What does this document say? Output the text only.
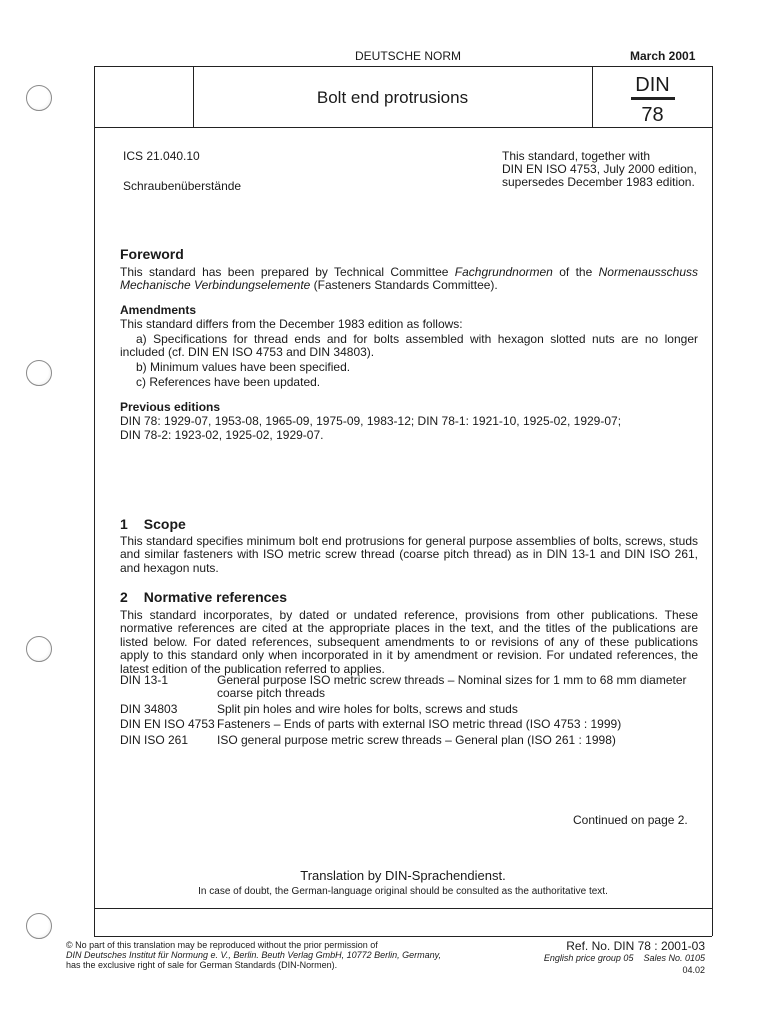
DEUTSCHE NORM	March 2001
Bolt end protrusions
DIN
78
ICS 21.040.10
Schraubenüberstände
This standard, together with
DIN EN ISO 4753, July 2000 edition,
supersedes December 1983 edition.
Foreword
This standard has been prepared by Technical Committee Fachgrundnormen of the Normenausschuss Mechanische Verbindungselemente (Fasteners Standards Committee).
Amendments
This standard differs from the December 1983 edition as follows:
a) Specifications for thread ends and for bolts assembled with hexagon slotted nuts are no longer included (cf. DIN EN ISO 4753 and DIN 34803).
b) Minimum values have been specified.
c) References have been updated.
Previous editions
DIN 78: 1929-07, 1953-08, 1965-09, 1975-09, 1983-12; DIN 78-1: 1921-10, 1925-02, 1929-07;
DIN 78-2: 1923-02, 1925-02, 1929-07.
1 Scope
This standard specifies minimum bolt end protrusions for general purpose assemblies of bolts, screws, studs and similar fasteners with ISO metric screw thread (coarse pitch thread) as in DIN 13-1 and DIN ISO 261, and hexagon nuts.
2 Normative references
This standard incorporates, by dated or undated reference, provisions from other publications. These normative references are cited at the appropriate places in the text, and the titles of the publications are listed below. For dated references, subsequent amendments to or revisions of any of these publications apply to this standard only when incorporated in it by amendment or revision. For undated references, the latest edition of the publication referred to applies.
DIN 13-1	General purpose ISO metric screw threads – Nominal sizes for 1 mm to 68 mm diameter coarse pitch threads
DIN 34803	Split pin holes and wire holes for bolts, screws and studs
DIN EN ISO 4753 Fasteners – Ends of parts with external ISO metric thread (ISO 4753 : 1999)
DIN ISO 261	ISO general purpose metric screw threads – General plan (ISO 261 : 1998)
Continued on page 2.
Translation by DIN-Sprachendienst.
In case of doubt, the German-language original should be consulted as the authoritative text.
© No part of this translation may be reproduced without the prior permission of
DIN Deutsches Institut für Normung e. V., Berlin. Beuth Verlag GmbH, 10772 Berlin, Germany,
has the exclusive right of sale for German Standards (DIN-Normen).
Ref. No. DIN 78 : 2001-03
English price group 05 Sales No. 0105
04.02
